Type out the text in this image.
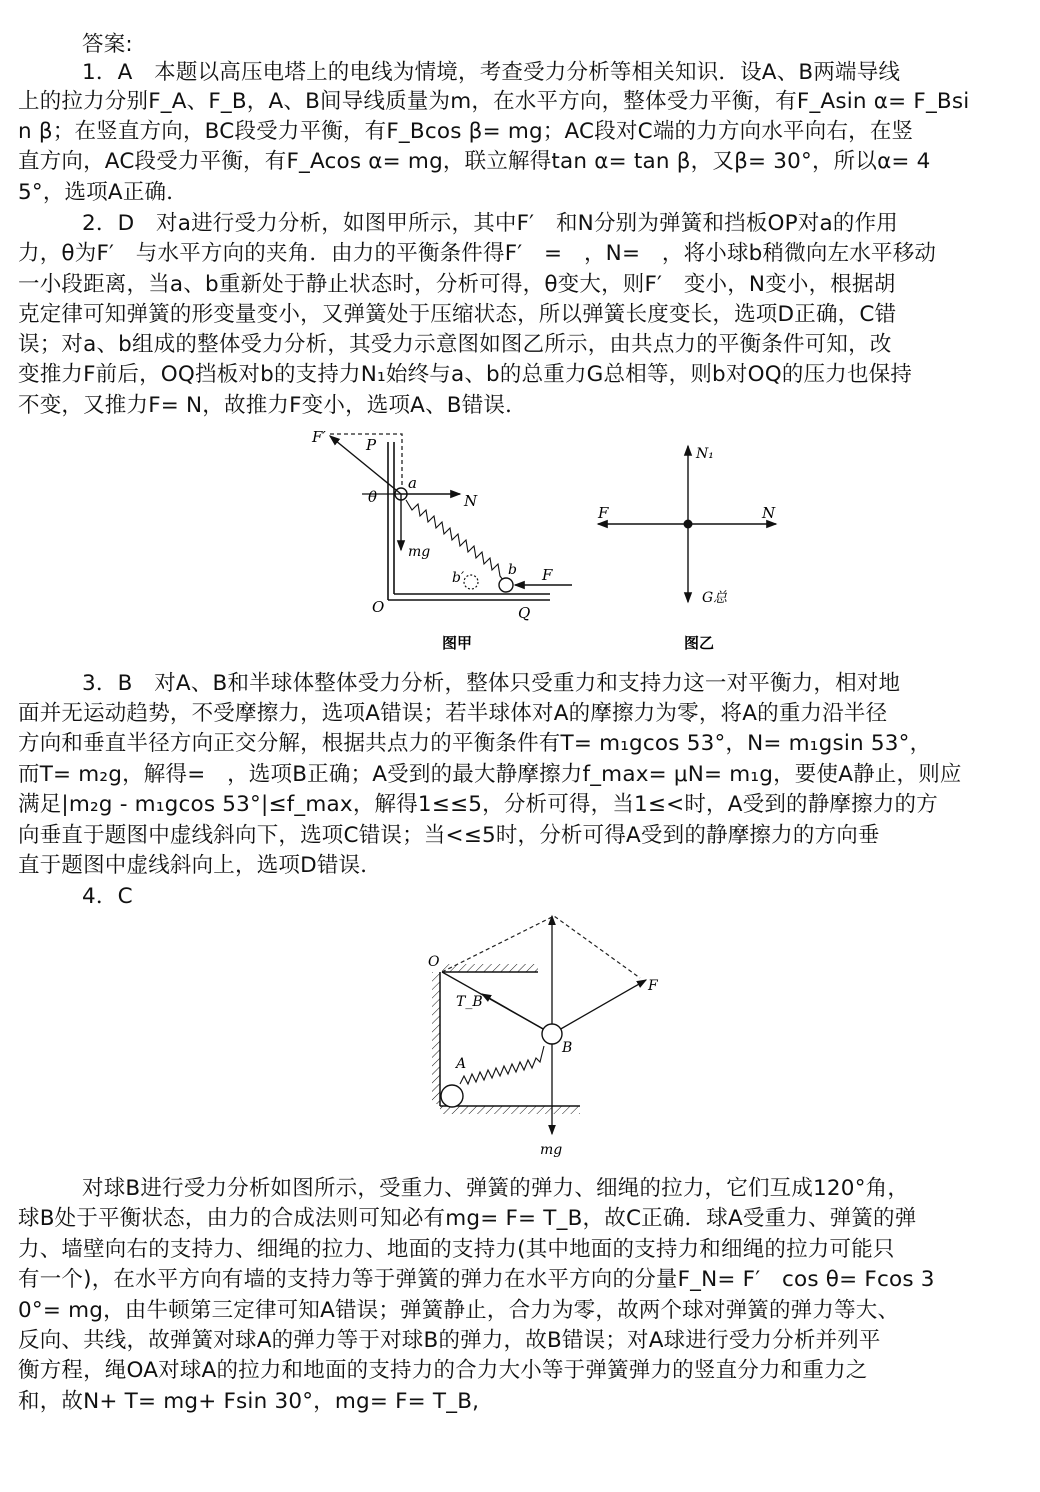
答案:
1．A　本题以高压电塔上的电线为情境，考查受力分析等相关知识．设A、B两端导线
上的拉力分别F_A、F_B，A、B间导线质量为m，在水平方向，整体受力平衡，有F_Asin α= F_Bsi
n β；在竖直方向，BC段受力平衡，有F_Bcos β= mg；AC段对C端的力方向水平向右，在竖
直方向，AC段受力平衡，有F_Acos α= mg，联立解得tan α= tan β，又β= 30°，所以α= 4
5°，选项A正确．
2．D　对a进行受力分析，如图甲所示，其中F′　和N分别为弹簧和挡板OP对a的作用
力，θ为F′　与水平方向的夹角．由力的平衡条件得F′　=　，N=　，将小球b稍微向左水平移动
一小段距离，当a、b重新处于静止状态时，分析可得，θ变大，则F′　变小，N变小，根据胡
克定律可知弹簧的形变量变小，又弹簧处于压缩状态，所以弹簧长度变长，选项D正确，C错
误；对a、b组成的整体受力分析，其受力示意图如图乙所示，由共点力的平衡条件可知，改
变推力F前后，OQ挡板对b的支持力N₁始终与a、b的总重力G总相等，则b对OQ的压力也保持
不变，又推力F= N，故推力F变小，选项A、B错误．
F′	P
θ
a
N
mg
b′	b F
O	Q
图甲
N₁
F	N
G总
图乙
3．B　对A、B和半球体整体受力分析，整体只受重力和支持力这一对平衡力，相对地
面并无运动趋势，不受摩擦力，选项A错误；若半球体对A的摩擦力为零，将A的重力沿半径
方向和垂直半径方向正交分解，根据共点力的平衡条件有T= m₁gcos 53°，N= m₁gsin 53°，
而T= m₂g，解得=　，选项B正确；A受到的最大静摩擦力f_max= μN= m₁g，要使A静止，则应
满足|m₂g - m₁gcos 53°|≤f_max，解得1≤≤5，分析可得，当1≤<时，A受到的静摩擦力的方
向垂直于题图中虚线斜向下，选项C错误；当<≤5时，分析可得A受到的静摩擦力的方向垂
直于题图中虚线斜向上，选项D错误．
4．C
O
T_B
A
B
F
mg
对球B进行受力分析如图所示，受重力、弹簧的弹力、细绳的拉力，它们互成120°角，
球B处于平衡状态，由力的合成法则可知必有mg= F= T_B，故C正确．球A受重力、弹簧的弹
力、墙壁向右的支持力、细绳的拉力、地面的支持力(其中地面的支持力和细绳的拉力可能只
有一个)，在水平方向有墙的支持力等于弹簧的弹力在水平方向的分量F_N= F′　cos θ= Fcos 3
0°= mg，由牛顿第三定律可知A错误；弹簧静止，合力为零，故两个球对弹簧的弹力等大、
反向、共线，故弹簧对球A的弹力等于对球B的弹力，故B错误；对A球进行受力分析并列平
衡方程，绳OA对球A的拉力和地面的支持力的合力大小等于弹簧弹力的竖直分力和重力之
和，故N+ T= mg+ Fsin 30°，mg= F= T_B,
